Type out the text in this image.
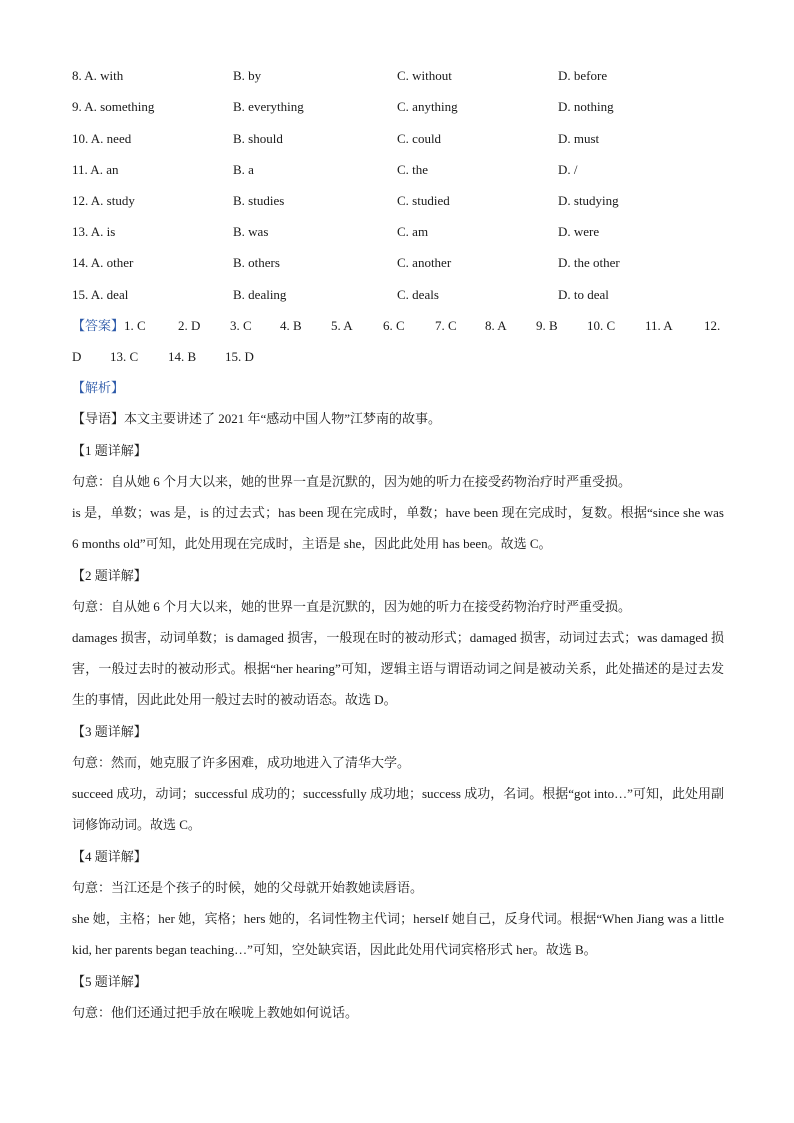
8. A. with	B. by	C. without	D. before
9. A. something	B. everything	C. anything	D. nothing
10. A. need	B. should	C. could	D. must
11. A. an	B. a	C. the	D. /
12. A. study	B. studies	C. studied	D. studying
13. A. is	B. was	C. am	D. were
14. A. other	B. others	C. another	D. the other
15. A. deal	B. dealing	C. deals	D. to deal
【答案】 1. C 2. D 3. C 4. B 5. A 6. C 7. C 8. A 9. B 10. C 11. A 12.
D 13. C 14. B 15. D
【解析】
【导语】本文主要讲述了 2021 年“感动中国人物”江梦南的故事。
【1 题详解】
句意：自从她 6 个月大以来，她的世界一直是沉默的，因为她的听力在接受药物治疗时严重受损。
is 是，单数；was 是，is 的过去式；has been 现在完成时，单数；have been 现在完成时，复数。根据“since she was 6 months old”可知，此处用现在完成时，主语是 she，因此此处用 has been。故选 C。
【2 题详解】
句意：自从她 6 个月大以来，她的世界一直是沉默的，因为她的听力在接受药物治疗时严重受损。
damages 损害，动词单数；is damaged 损害，一般现在时的被动形式；damaged 损害，动词过去式；was damaged 损害，一般过去时的被动形式。根据“her hearing”可知，逻辑主语与谓语动词之间是被动关系，此处描述的是过去发生的事情，因此此处用一般过去时的被动语态。故选 D。
【3 题详解】
句意：然而，她克服了许多困难，成功地进入了清华大学。
succeed 成功，动词；successful 成功的；successfully 成功地；success 成功，名词。根据“got into…”可知，此处用副词修饰动词。故选 C。
【4 题详解】
句意：当江还是个孩子的时候，她的父母就开始教她读唇语。
she 她，主格；her 她，宾格；hers 她的，名词性物主代词；herself 她自己，反身代词。根据“When Jiang was a little kid, her parents began teaching…”可知，空处缺宾语，因此此处用代词宾格形式 her。故选 B。
【5 题详解】
句意：他们还通过把手放在喉咙上教她如何说话。
